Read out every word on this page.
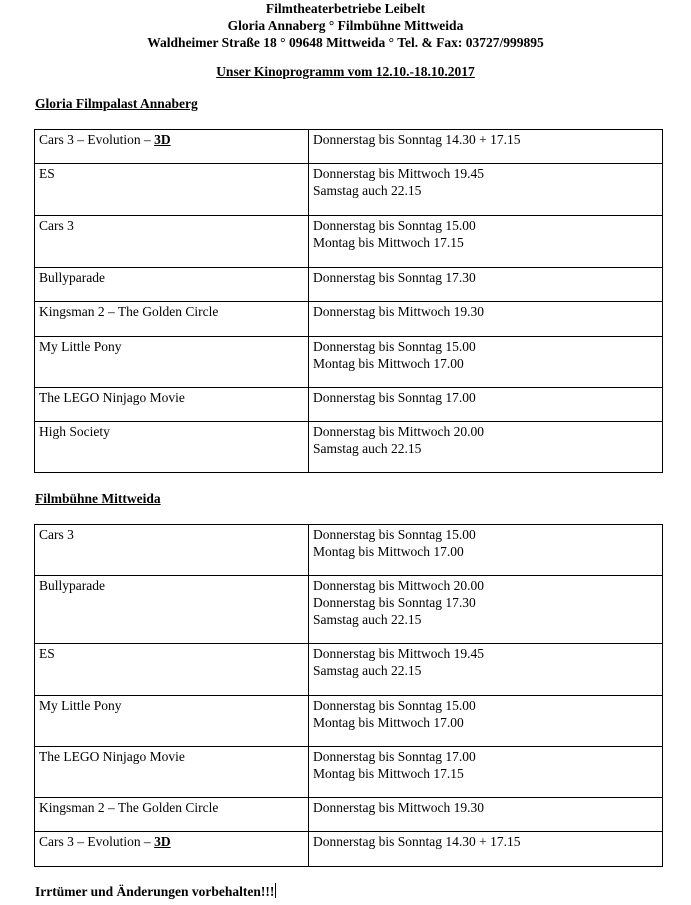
Filmtheaterbetriebe Leibelt
Gloria Annaberg ° Filmbühne Mittweida
Waldheimer Straße 18 ° 09648 Mittweida ° Tel. & Fax: 03727/999895
Unser Kinoprogramm vom 12.10.-18.10.2017
Gloria Filmpalast Annaberg
Cars 3 – Evolution – 3D	Donnerstag bis Sonntag 14.30 + 17.15

ES	Donnerstag bis Mittwoch 19.45
Samstag auch 22.15

Cars 3	Donnerstag bis Sonntag 15.00
Montag bis Mittwoch 17.15

Bullyparade	Donnerstag bis Sonntag 17.30

Kingsman 2 – The Golden Circle	Donnerstag bis Mittwoch 19.30

My Little Pony	Donnerstag bis Sonntag 15.00
Montag bis Mittwoch 17.00

The LEGO Ninjago Movie	Donnerstag bis Sonntag 17.00

High Society	Donnerstag bis Mittwoch 20.00
Samstag auch 22.15
Filmbühne Mittweida
Cars 3	Donnerstag bis Sonntag 15.00
Montag bis Mittwoch 17.00

Bullyparade	Donnerstag bis Mittwoch 20.00
Donnerstag bis Sonntag 17.30
Samstag auch 22.15

ES	Donnerstag bis Mittwoch 19.45
Samstag auch 22.15

My Little Pony	Donnerstag bis Sonntag 15.00
Montag bis Mittwoch 17.00

The LEGO Ninjago Movie	Donnerstag bis Sonntag 17.00
Montag bis Mittwoch 17.15

Kingsman 2 – The Golden Circle	Donnerstag bis Mittwoch 19.30

Cars 3 – Evolution – 3D	Donnerstag bis Sonntag 14.30 + 17.15
Irrtümer und Änderungen vorbehalten!!!
